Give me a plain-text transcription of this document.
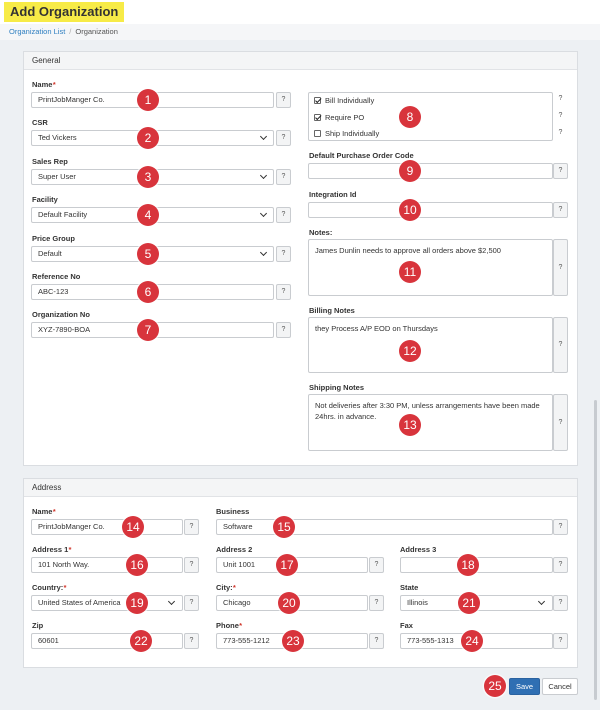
Add Organization
Organization List / Organization
General
Name*
PrintJobManger Co.	?
CSR
Ted Vickers	?
Sales Rep
Super User	?
Facility
Default Facility	?
Price Group
Default	?
Reference No
ABC-123	?
Organization No
XYZ-7890-BOA	?
Bill Individually
Require PO
Ship Individually
?
?
?
Default Purchase Order Code
?
Integration Id
?
Notes:
James Dunlin needs to approve all orders above $2,500
?
Billing Notes
they Process A/P EOD on Thursdays
?
Shipping Notes
Not deliveries after 3:30 PM, unless arrangements have been made 24hrs. in advance.
?
Address
Name*
PrintJobManger Co.	?
Business
Software	?
Address 1*
101 North Way.	?
Address 2
Unit 1001	?
Address 3
?
Country:*
United States of America	?
City:*
Chicago	?
State
Illinois	?
Zip
60601	?
Phone*
773-555-1212	?
Fax
773-555-1313	?
Save	Cancel
1
2
3
4
5
6
7
8
9
10
11
12
13
14	15
16	17	18
19	20	21
22	23	24
25
